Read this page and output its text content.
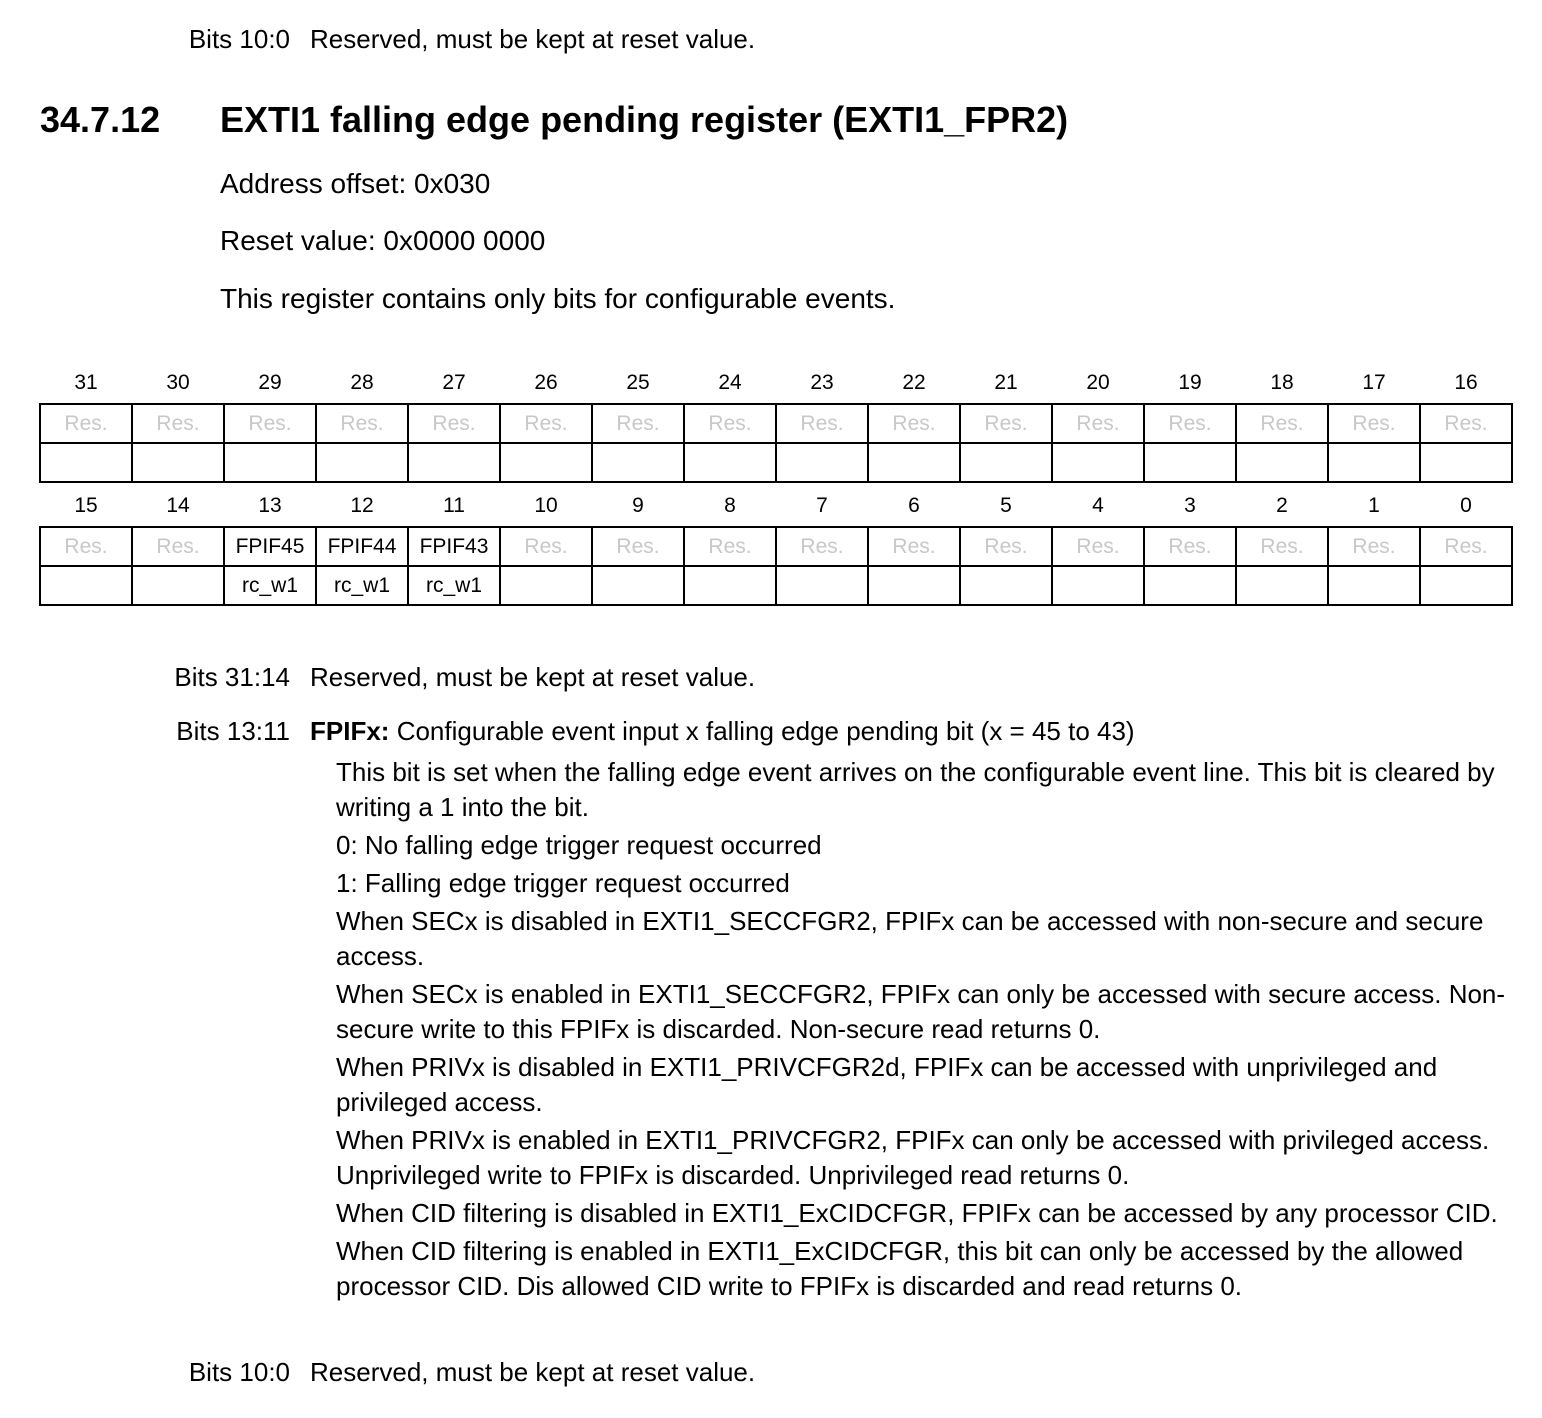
Bits 10:0 Reserved, must be kept at reset value.
34.7.12 EXTI1 falling edge pending register (EXTI1_FPR2)
Address offset: 0x030
Reset value: 0x0000 0000
This register contains only bits for configurable events.
31	30	29	28	27	26	25	24	23	22	21	20	19	18	17	16
Res.	Res.	Res.	Res.	Res.	Res.	Res.	Res.	Res.	Res.	Res.	Res.	Res.	Res.	Res.	Res.

15	14	13	12	11	10	9	8	7	6	5	4	3	2	1	0
Res.	Res.	FPIF45	FPIF44	FPIF43	Res.	Res.	Res.	Res.	Res.	Res.	Res.	Res.	Res.	Res.	Res.
		rc_w1	rc_w1	rc_w1											
Bits 31:14 Reserved, must be kept at reset value.
Bits 13:11 FPIFx: Configurable event input x falling edge pending bit (x = 45 to 43)

This bit is set when the falling edge event arrives on the configurable event line. This bit is cleared by writing a 1 into the bit.

0: No falling edge trigger request occurred

1: Falling edge trigger request occurred

When SECx is disabled in EXTI1_SECCFGR2, FPIFx can be accessed with non-secure and secure access.

When SECx is enabled in EXTI1_SECCFGR2, FPIFx can only be accessed with secure access. Non-secure write to this FPIFx is discarded. Non-secure read returns 0.

When PRIVx is disabled in EXTI1_PRIVCFGR2d, FPIFx can be accessed with unprivileged and privileged access.

When PRIVx is enabled in EXTI1_PRIVCFGR2, FPIFx can only be accessed with privileged access. Unprivileged write to FPIFx is discarded. Unprivileged read returns 0.

When CID filtering is disabled in EXTI1_ExCIDCFGR, FPIFx can be accessed by any processor CID.

When CID filtering is enabled in EXTI1_ExCIDCFGR, this bit can only be accessed by the allowed processor CID. Dis allowed CID write to FPIFx is discarded and read returns 0.

Bits 10:0 Reserved, must be kept at reset value.
